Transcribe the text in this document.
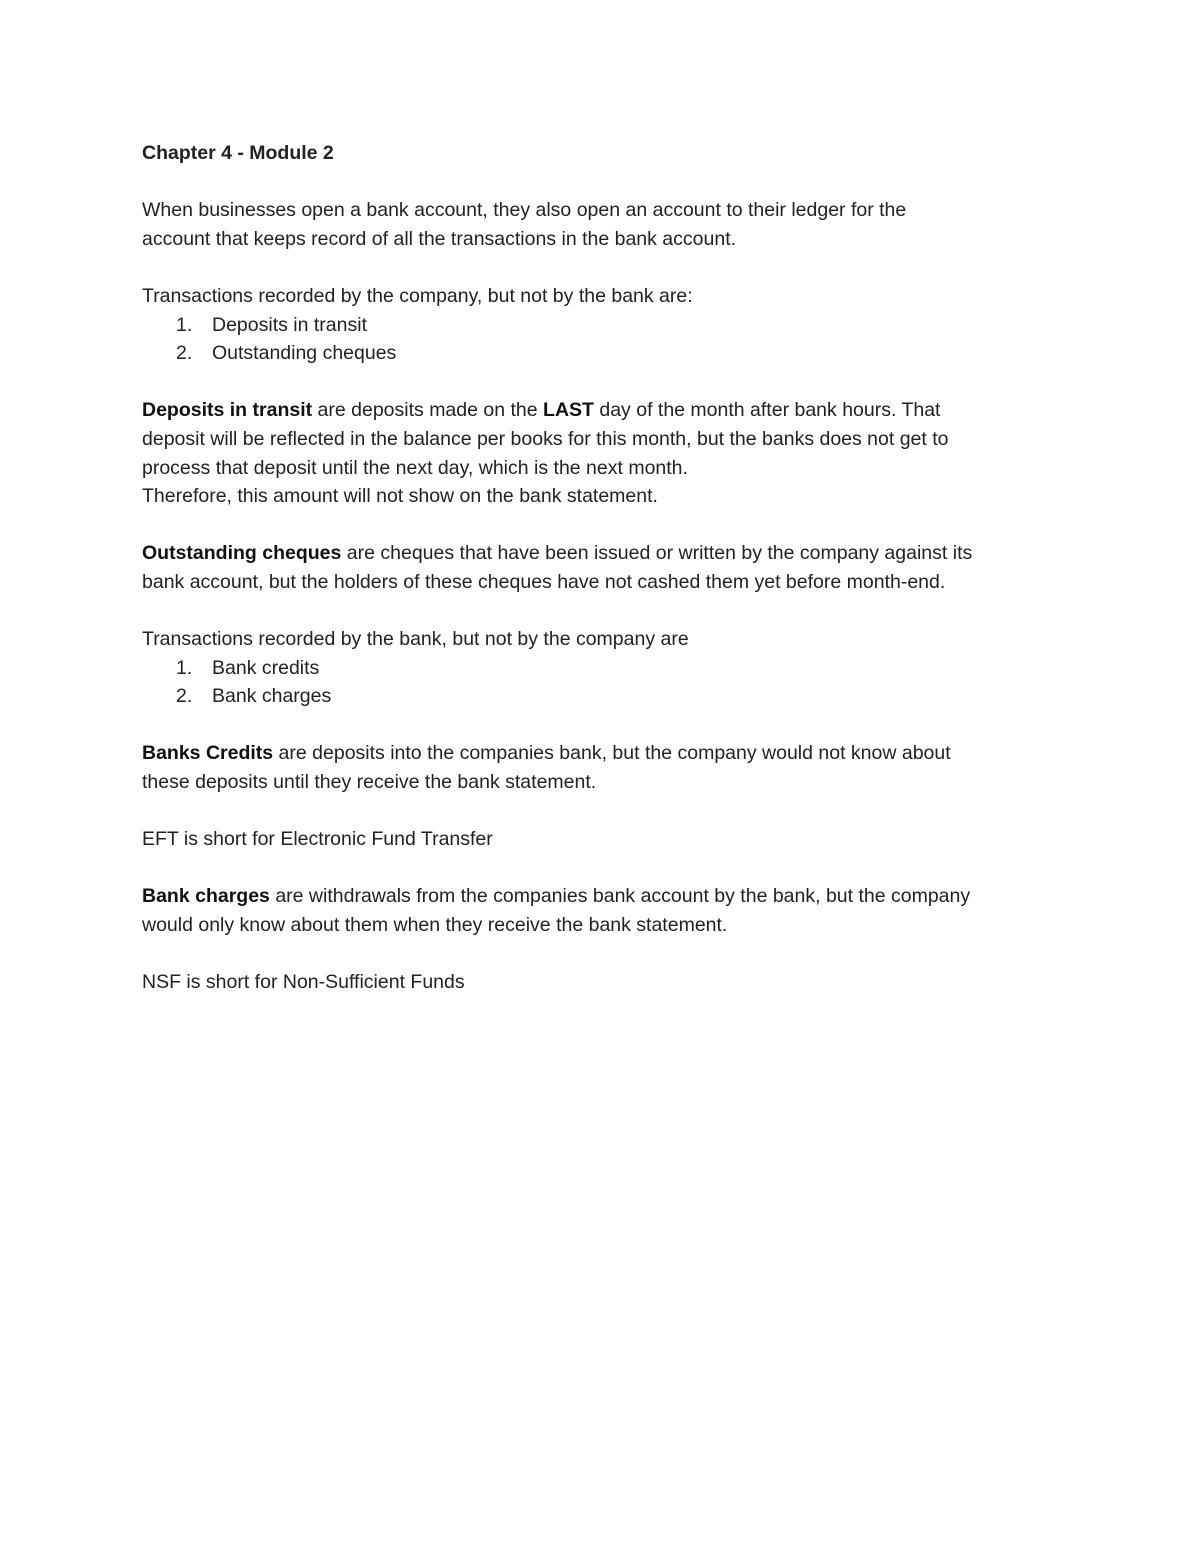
Chapter 4 - Module 2

When businesses open a bank account, they also open an account to their ledger for the
account that keeps record of all the transactions in the bank account.

Transactions recorded by the company, but not by the bank are:

1. Deposits in transit
2. Outstanding cheques

Deposits in transit are deposits made on the LAST day of the month after bank hours. That
deposit will be reflected in the balance per books for this month, but the banks does not get to
process that deposit until the next day, which is the next month.
Therefore, this amount will not show on the bank statement.

Outstanding cheques are cheques that have been issued or written by the company against its
bank account, but the holders of these cheques have not cashed them yet before month-end.

Transactions recorded by the bank, but not by the company are

1. Bank credits
2. Bank charges

Banks Credits are deposits into the companies bank, but the company would not know about
these deposits until they receive the bank statement.

EFT is short for Electronic Fund Transfer

Bank charges are withdrawals from the companies bank account by the bank, but the company
would only know about them when they receive the bank statement.

NSF is short for Non-Sufficient Funds
